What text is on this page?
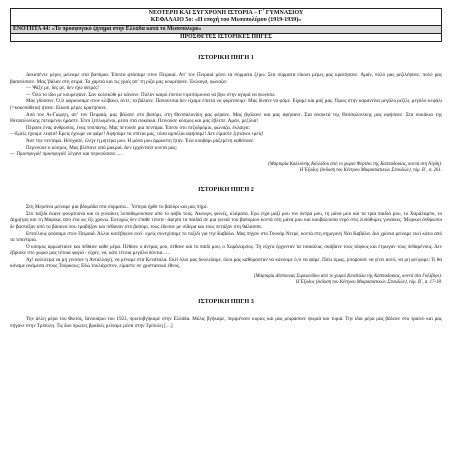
ΝΕΟΤΕΡΗ ΚΑΙ ΣΥΓΧΡΟΝΗ ΙΣΤΟΡΙΑ – Γ΄ ΓΥΜΝΑΣΙΟΥ
ΚΕΦΑΛΑΙΟ 5ο: «Η εποχή του Μεσοπολέμου (1919-1939)»
ΕΝΟΤΗΤΑ 44: «Το προσφυγικό ζήτημα στην Ελλάδα κατά το Μεσοπόλεμο»
ΠΡΟΣΘΕΤΕΣ ΙΣΤΟΡΙΚΕΣ ΠΗΓΕΣ
ΙΣΤΟΡΙΚΗ ΠΗΓΗ 1

Δεκαπέντε μέρες μείναμε στα βαπόρια. Έπειτα φτάσαμε στον Πειραιά. Απ’ τον Πειραιά μόνο τα σύρματα ξέρω. Στα σύρματα είκοσι μέρες μας κρατήσανε. Αμάν, πολύ μας ρεζιλέψανε, πολύ μας βασανίσανε. Μας 'βάλαν στη σειρά. Τα χαρτιά και τις γριές απ’ τη ρίζα μας κουρέψανε. Έκλαιγα, φώναζα:

— Ψάξε με, δες με, δεν έχω ψείρες!

— Όλο το ίδιο με κουρέψανε. Σαν κολοκύθι με κάνανε. Πολύν καιρό έπειτα ντρεπόμουνα να βγω στην αγορά να ψωνίσω.

Μας γδύσανε. Ό,τι φορούσαμε στον κλίβανο, άντε, τα βάλανε. Παπούτσια δεν είχαμε έπειτα να φορέσουμε. Μας δίνανε να φάμε. Είχαμε και μαξ μας. Όμως στην καραντίνα μεγάλο ρεζίλι, μεγάλο κεφάλι (=κακοπάθεια) ήτανε. Είκοσι μέρες κρατήσανε.

Από τον Αι-Γιώργη, απ’ τον Πειραιά, μας βάλανε στο βαπόρι, στη Θεσσαλονίκη μας φέρανε. Μας βγάλανε και μας αφήσανε. Στα ανοικτά της Θεσσαλονίκης μας αφήσανε. Στα σοκάκια της Θεσσαλονίκης πεταμένοι ήμαστε. Έτσι ξεπλωμένοι, μέσα στα σοκάκια. Πεινούσε κόσμος και μας έβλεπε. Αμάν, ρεζίλια!

Πέρασε ένας άνθρωπος, ένας τσοπάνης. Μας πετούσε μια πεντάρα. Έπεσε στο πεζοδρόμιο, φώναζα, έκλαιγα:

—Εμείς έχουμε λεφτά! Εμείς έχουμε να φάμε! Αφήσαμε τα σπίτια μας, τόσα αμπέλια αφήσαμε! Δεν είμαστε ζητιάνοι εμείς!

Άσε την πεντάρα. Ησύχασε, έλεγε η μητέρα μου. Η μάνα μου άρρωστη ήταν. Ένα κουβάρι μαζεμένη καθότανε.

Περνούσε ο κόσμος. Μας βλέπανε από μακριά. Δεν ερχόντανε κοντά μας:

— Προσφυγιά! προσφυγιά! λέγανε και περνούσανε......

(Μαρτυρία Καλλιόπης Καλλίδου από το χωριό Φερτέκι της Καππαδοκίας, κοντά στη Νίγδη).

Η Έξοδος (έκδοση του Κέντρου Μικρασιατικών Σπουδών), τόμ. Β΄, σ. 261.

ΙΣΤΟΡΙΚΗ ΠΗΓΗ 2

Στη Μερσίνα μείναμε μια βδομάδα στα σύρματα... Ύστερα ήρθε το βαπόρι και μας πήρε.

Στο ταξίδι έκανε φουρτούνα και οι γυναίκες λυποθυμούσανε από το φόβο τους. Άκουγες φωνές, κλάματα. Εγώ είχα μαζί μου τον άντρα μου, τη μάνα μου και τα τρία παιδιά μου, το Χαράλαμπο, το Δημήτρη και τη Μαρίκα, από ένα ως έξι χρονώ. Ευτυχώς δεν έπαθε τίποτε· άφησα τα παιδιά σε μια γωνιά του βαποριού κοντά στη μάνα μου και κουβαλούσα νερό στις λυπόθυμες γυναίκες. Μερικοί άνθρωποι δε βαστάξαν από τα βάσανα που τραβήξαν και πέθαναν στο βαπόρι, τους έδεσαν με σίδερα και τους πετάξαν στη θάλασσα.

Επιτέλους φτάσαμε στον Πειραιά. Άλλοι κατέβηκαν εκεί· εμείς συνεχίσαμε το ταξίδι για την Καβάλα. Μας πήγαν στο Τουνάρ Ντερέ, κοντά στη σημερινή Νέα Καβάλα. Διό χρόνια μείναμε εκεί κάτω από τα τσαντίρια.

Ο κόσμος αρρώσταινε και πέθαινε κάθε μέρα. Πέθανε ο άντρας μου, πέθανε και το παιδί μου, ο Χαράλαμπος. Τη νύχτα έρχονταν τα τσακάλια, σκάβανε τους τάφους και έτρωγαν τους πεθαμένους. Δεν έβρισκε στο χωριό μας τέτοια φαγιά - είχαν, να, κάτι τέτοια μεγάλα δόντια......

Αχ! καλύτερα να μη γινόταν η Ανταλλαγή, να μέναμε στα Κενάταλα. Εκεί όλοι μας δουλεύαμε, όλοι μας καθόμασταν να κάνουμε ό,τι να φάμε. Πάλι όμως, μπορούσε να γίνει αυτό, να μη φεύγαμε; Τι θα κάναμε ανάμεσα στους Τούρκους; Εδώ τουλάχιστον, είμαστε σε χριστιανικό έθνος.

(Μαρτυρία Δέσποινας Συμεωνίδου από το χωριό Κενάταλα της Καππαδοκίας, κοντά στα Γκέλβερι).

Η Έξοδος (έκδοση του Κέντρου Μικρασιατικών Σπουδών), τόμ. Β΄, σ. 17-18.

ΙΣΤΟΡΙΚΗ ΠΗΓΗ 3

Την άλλη μέρα του Φωτός, Ιανουάριο του 1923, πρωτοβγήκαμε στην Ελλάδα. Μόλις βγήκαμε, περιμένανε κυρίες και μας μοιράσανε ψωμιά και τυριά. Την ίδια μέρα μας βάλανε στο τραίνο και μας πήγανε στην Τρίπολη. Τις δυο πρώτες βραδιές μείναμε μέσα στην Τρίπολη [....]
